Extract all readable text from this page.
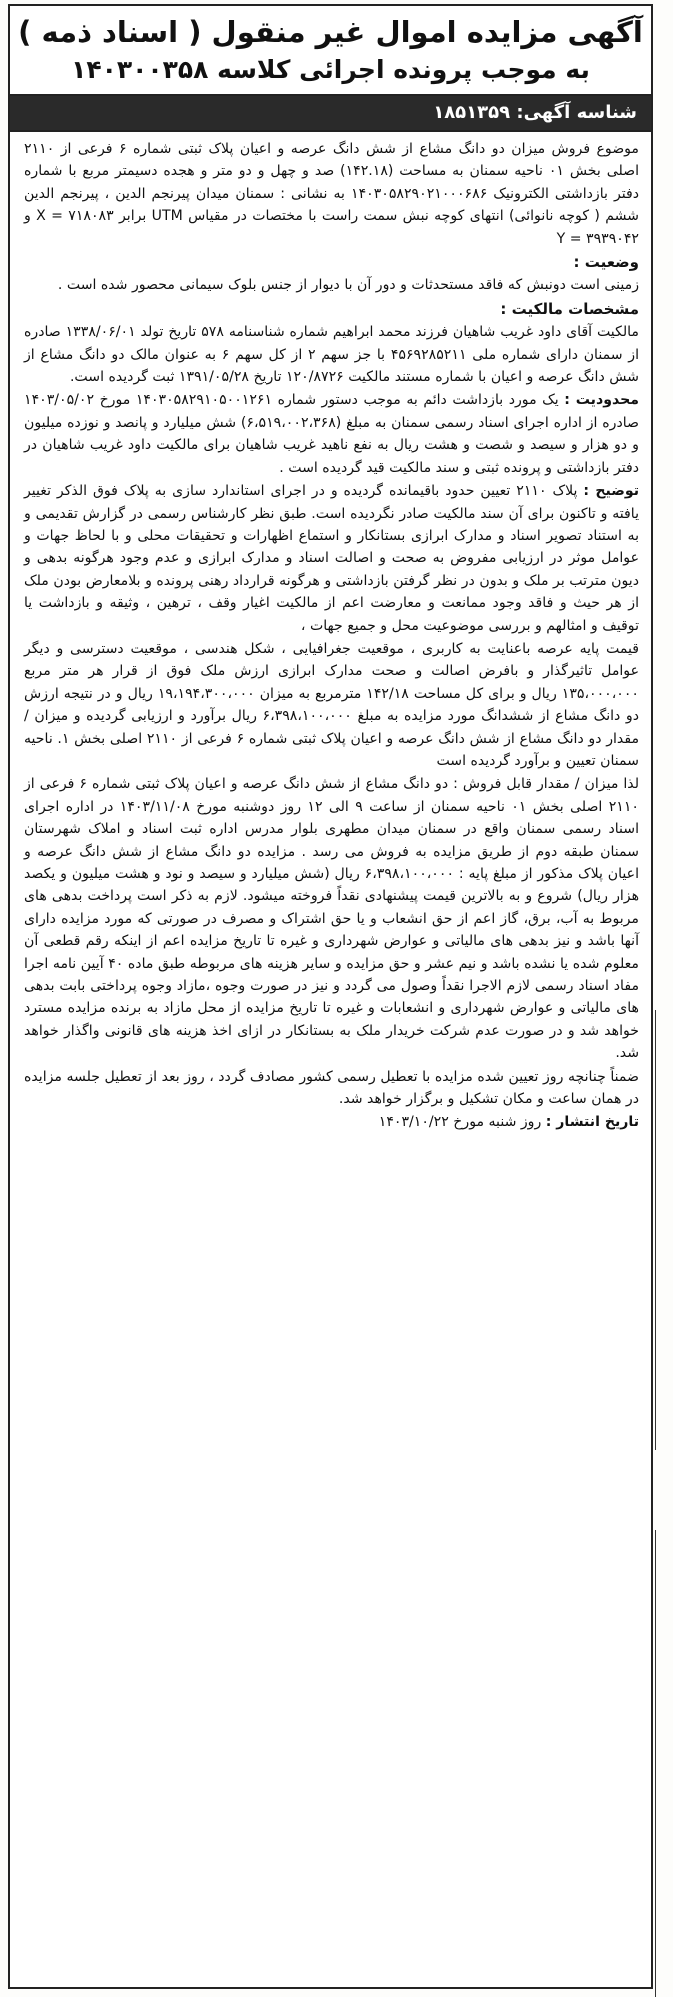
آگهی مزایده اموال غیر منقول ( اسناد ذمه )
به موجب پرونده اجرائی کلاسه ۱۴۰۳۰۰۳۵۸
شناسه آگهی: ۱۸۵۱۳۵۹

موضوع فروش میزان دو دانگ مشاع از شش دانگ عرصه و اعیان پلاک ثبتی شماره ۶ فرعی از ۲۱۱۰ اصلی بخش ۰۱ ناحیه سمنان به مساحت (۱۴۲.۱۸) صد و چهل و دو متر و هجده دسیمتر مربع با شماره دفتر بازداشتی الکترونیک ۱۴۰۳۰۵۸۲۹۰۲۱۰۰۰۶۸۶ به نشانی : سمنان میدان پیرنجم الدین ، پیرنجم الدین ششم ( کوچه نانوائی) انتهای کوچه نبش سمت راست با مختصات در مقیاس UTM برابر ۷۱۸۰۸۳ = X و ۳۹۳۹۰۴۲ = Y

وضعیت :

زمینی است دونبش که فاقد مستحدثات و دور آن با دیوار از جنس بلوک سیمانی محصور شده است .

مشخصات مالکیت :

مالکیت آقای داود غریب شاهیان فرزند محمد ابراهیم شماره شناسنامه ۵۷۸ تاریخ تولد ۱۳۳۸/۰۶/۰۱ صادره از سمنان دارای شماره ملی ۴۵۶۹۲۸۵۲۱۱ با جز سهم ۲ از کل سهم ۶ به عنوان مالک دو دانگ مشاع از شش دانگ عرصه و اعیان با شماره مستند مالکیت ۱۲۰/۸۷۲۶ تاریخ ۱۳۹۱/۰۵/۲۸ ثبت گردیده است.

محدودیت : یک مورد بازداشت دائم به موجب دستور شماره ۱۴۰۳۰۵۸۲۹۱۰۵۰۰۱۲۶۱ مورخ ۱۴۰۳/۰۵/۰۲ صادره از اداره اجرای اسناد رسمی سمنان به مبلغ (۶،۵۱۹،۰۰۲،۳۶۸) شش میلیارد و پانصد و نوزده میلیون و دو هزار و سیصد و شصت و هشت ریال به نفع ناهید غریب شاهیان برای مالکیت داود غریب شاهیان در دفتر بازداشتی و پرونده ثبتی و سند مالکیت قید گردیده است .

توضیح : پلاک ۲۱۱۰ تعیین حدود باقیمانده گردیده و در اجرای استاندارد سازی به پلاک فوق الذکر تغییر یافته و تاکنون برای آن سند مالکیت صادر نگردیده است. طبق نظر کارشناس رسمی در گزارش تقدیمی و به استناد تصویر اسناد و مدارک ابرازی بستانکار و استماع اظهارات و تحقیقات محلی و با لحاظ جهات و عوامل موثر در ارزیابی مفروض به صحت و اصالت اسناد و مدارک ابرازی و عدم وجود هرگونه بدهی و دیون مترتب بر ملک و بدون در نظر گرفتن بازداشتی و هرگونه قرارداد رهنی پرونده و بلامعارض بودن ملک از هر حیث و فاقد وجود ممانعت و معارضت اعم از مالکیت اغیار وقف ، ترهین ، وثیقه و بازداشت یا توقیف و امثالهم و بررسی موضوعیت محل و جمیع جهات ،

قیمت پایه عرصه باعنایت به کاربری ، موقعیت جغرافیایی ، شکل هندسی ، موقعیت دسترسی و دیگر عوامل تاثیرگذار و بافرض اصالت و صحت مدارک ابرازی ارزش ملک فوق از قرار هر متر مربع ۱۳۵،۰۰۰،۰۰۰ ریال و برای کل مساحت ۱۴۲/۱۸ مترمربع به میزان ۱۹،۱۹۴،۳۰۰،۰۰۰ ریال و در نتیجه ارزش دو دانگ مشاع از ششدانگ مورد مزایده به مبلغ ۶،۳۹۸،۱۰۰،۰۰۰ ریال برآورد و ارزیابی گردیده و میزان / مقدار دو دانگ مشاع از شش دانگ عرصه و اعیان پلاک ثبتی شماره ۶ فرعی از ۲۱۱۰ اصلی بخش ۱. ناحیه سمنان تعیین و برآورد گردیده است

لذا میزان / مقدار قابل فروش : دو دانگ مشاع از شش دانگ عرصه و اعیان پلاک ثبتی شماره ۶ فرعی از ۲۱۱۰ اصلی بخش ۰۱ ناحیه سمنان از ساعت ۹ الی ۱۲ روز دوشنبه مورخ ۱۴۰۳/۱۱/۰۸ در اداره اجرای اسناد رسمی سمنان واقع در سمنان میدان مطهری بلوار مدرس اداره ثبت اسناد و املاک شهرستان سمنان طبقه دوم از طریق مزایده به فروش می رسد . مزایده دو دانگ مشاع از شش دانگ عرصه و اعیان پلاک مذکور از مبلغ پایه : ۶،۳۹۸،۱۰۰،۰۰۰ ریال (شش میلیارد و سیصد و نود و هشت میلیون و یکصد هزار ریال) شروع و به بالاترین قیمت پیشنهادی نقداً فروخته میشود. لازم به ذکر است پرداخت بدهی های مربوط به آب، برق، گاز اعم از حق انشعاب و یا حق اشتراک و مصرف در صورتی که مورد مزایده دارای آنها باشد و نیز بدهی های مالیاتی و عوارض شهرداری و غیره تا تاریخ مزایده اعم از اینکه رقم قطعی آن معلوم شده یا نشده باشد و نیم عشر و حق مزایده و سایر هزینه های مربوطه طبق ماده ۴۰ آیین نامه اجرا مفاد اسناد رسمی لازم الاجرا نقداً وصول می گردد و نیز در صورت وجوه ،مازاد وجوه پرداختی بابت بدهی های مالیاتی و عوارض شهرداری و انشعابات و غیره تا تاریخ مزایده از محل مازاد به برنده مزایده مسترد خواهد شد و در صورت عدم شرکت خریدار ملک به بستانکار در ازای اخذ هزینه های قانونی واگذار خواهد شد.

ضمناً چنانچه روز تعیین شده مزایده با تعطیل رسمی کشور مصادف گردد ، روز بعد از تعطیل جلسه مزایده در همان ساعت و مکان تشکیل و برگزار خواهد شد.

تاریخ انتشار : روز شنبه مورخ ۱۴۰۳/۱۰/۲۲
